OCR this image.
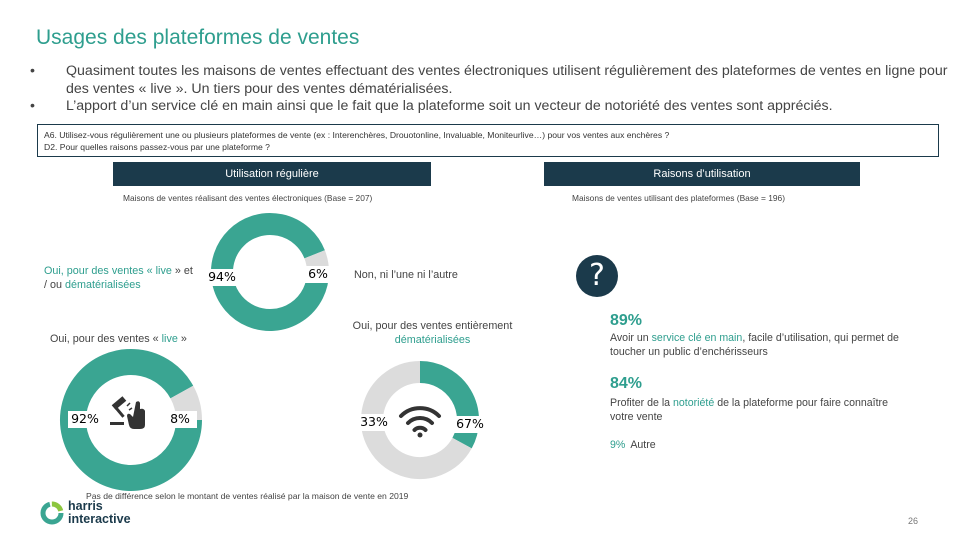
Usages des plateformes de ventes
• Quasiment toutes les maisons de ventes effectuant des ventes électroniques utilisent régulièrement des plateformes de ventes en ligne pour des ventes « live ». Un tiers pour des ventes dématérialisées.
• L’apport d’un service clé en main ainsi que le fait que la plateforme soit un vecteur de notoriété des ventes sont appréciés.
A6. Utilisez-vous régulièrement une ou plusieurs plateformes de vente (ex : Interenchères, Drouotonline, Invaluable, Moniteurlive…) pour vos ventes aux enchères ?
D2. Pour quelles raisons passez-vous par une plateforme ?
Utilisation régulière	Raisons d’utilisation
Maisons de ventes réalisant des ventes électroniques (Base = 207)	Maisons de ventes utilisant des plateformes (Base = 196)
94%	6%
92%	8%	33%	67%
Oui, pour des ventes « live » et / ou dématérialisées
Non, ni l’une ni l’autre
Oui, pour des ventes « live »
Oui, pour des ventes entièrement dématérialisées
?
89%
Avoir un service clé en main, facile d’utilisation, qui permet de toucher un public d’enchérisseurs
84%
Profiter de la notoriété de la plateforme pour faire connaître votre vente
9% Autre
Pas de différence selon le montant de ventes réalisé par la maison de vente en 2019
harris
interactive	26
